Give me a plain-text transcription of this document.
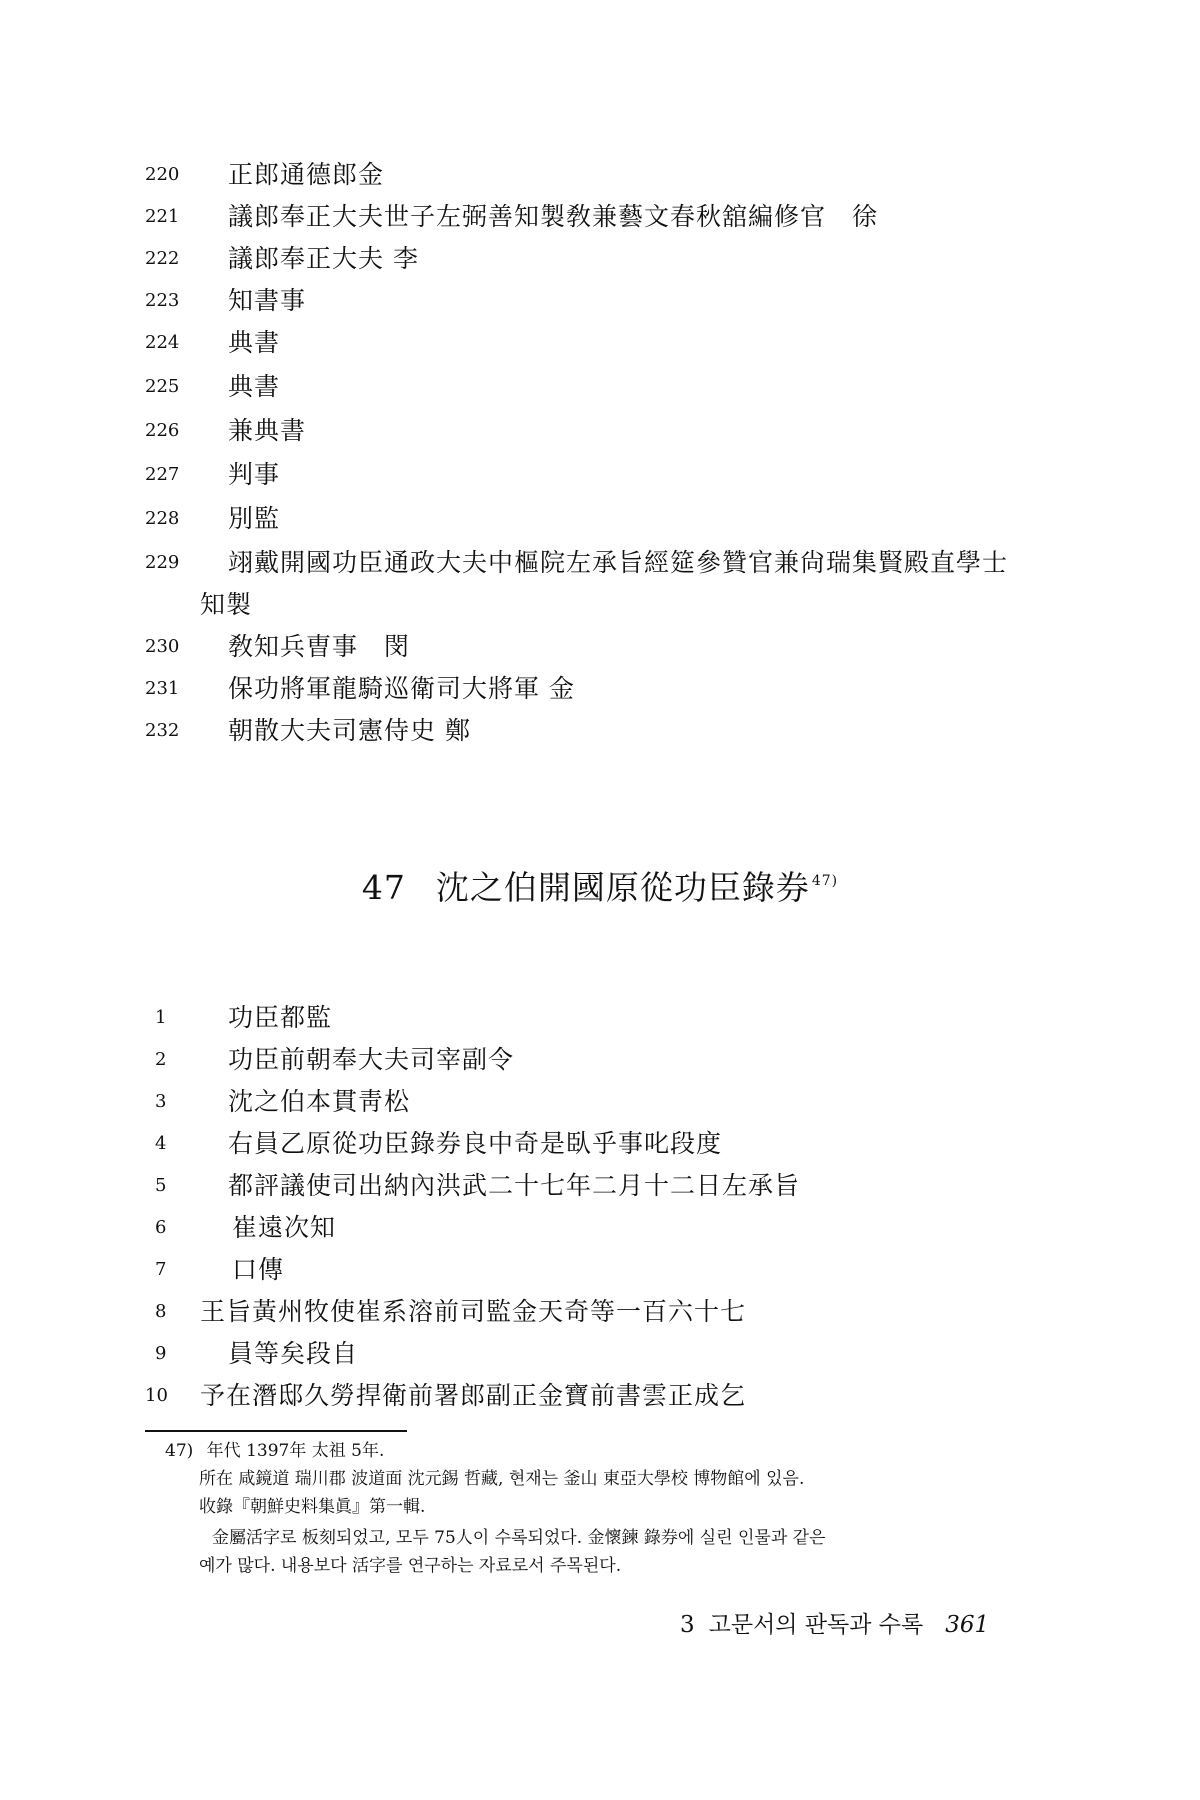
220 正郎通德郎金
221 議郎奉正大夫世子左弼善知製敎兼藝文春秋舘編修官　徐
222 議郎奉正大夫 李
223 知書事
224 典書
225 典書
226 兼典書
227 判事
228 別監
229 翊戴開國功臣通政大夫中樞院左承旨經筵參贊官兼尙瑞集賢殿直學士
知製
230 敎知兵曺事　閔
231 保功將軍龍騎巡衛司大將軍 金
232 朝散大夫司憲侍史 鄭
47 沈之伯開國原從功臣錄券 $^{47)}$
1 功臣都監
2 功臣前朝奉大夫司宰副令
3 沈之伯本貫靑松
4 右員乙原從功臣錄券良中奇是臥乎事叱段度
5 都評議使司出納內洪武二十七年二月十二日左承旨
6	崔遠次知
7	口傳
8 王旨黃州牧使崔系溶前司監金天奇等一百六十七
9 員等矣段自
10 予在潛邸久勞捍衛前署郎副正金寶前書雲正成乞
47) 年代 1397年 太祖 5年.
所在 咸鏡道 瑞川郡 波道面 沈元錫 哲藏, 현재는 釜山 東亞大學校 博物館에 있음.
收錄『朝鮮史料集眞』第一輯.
金屬活字로 板刻되었고, 모두 75人이 수록되었다. 金懷鍊 錄券에 실린 인물과 같은
예가 많다. 내용보다 活字를 연구하는 자료로서 주목된다.
3 고문서의 판독과 수록 361
